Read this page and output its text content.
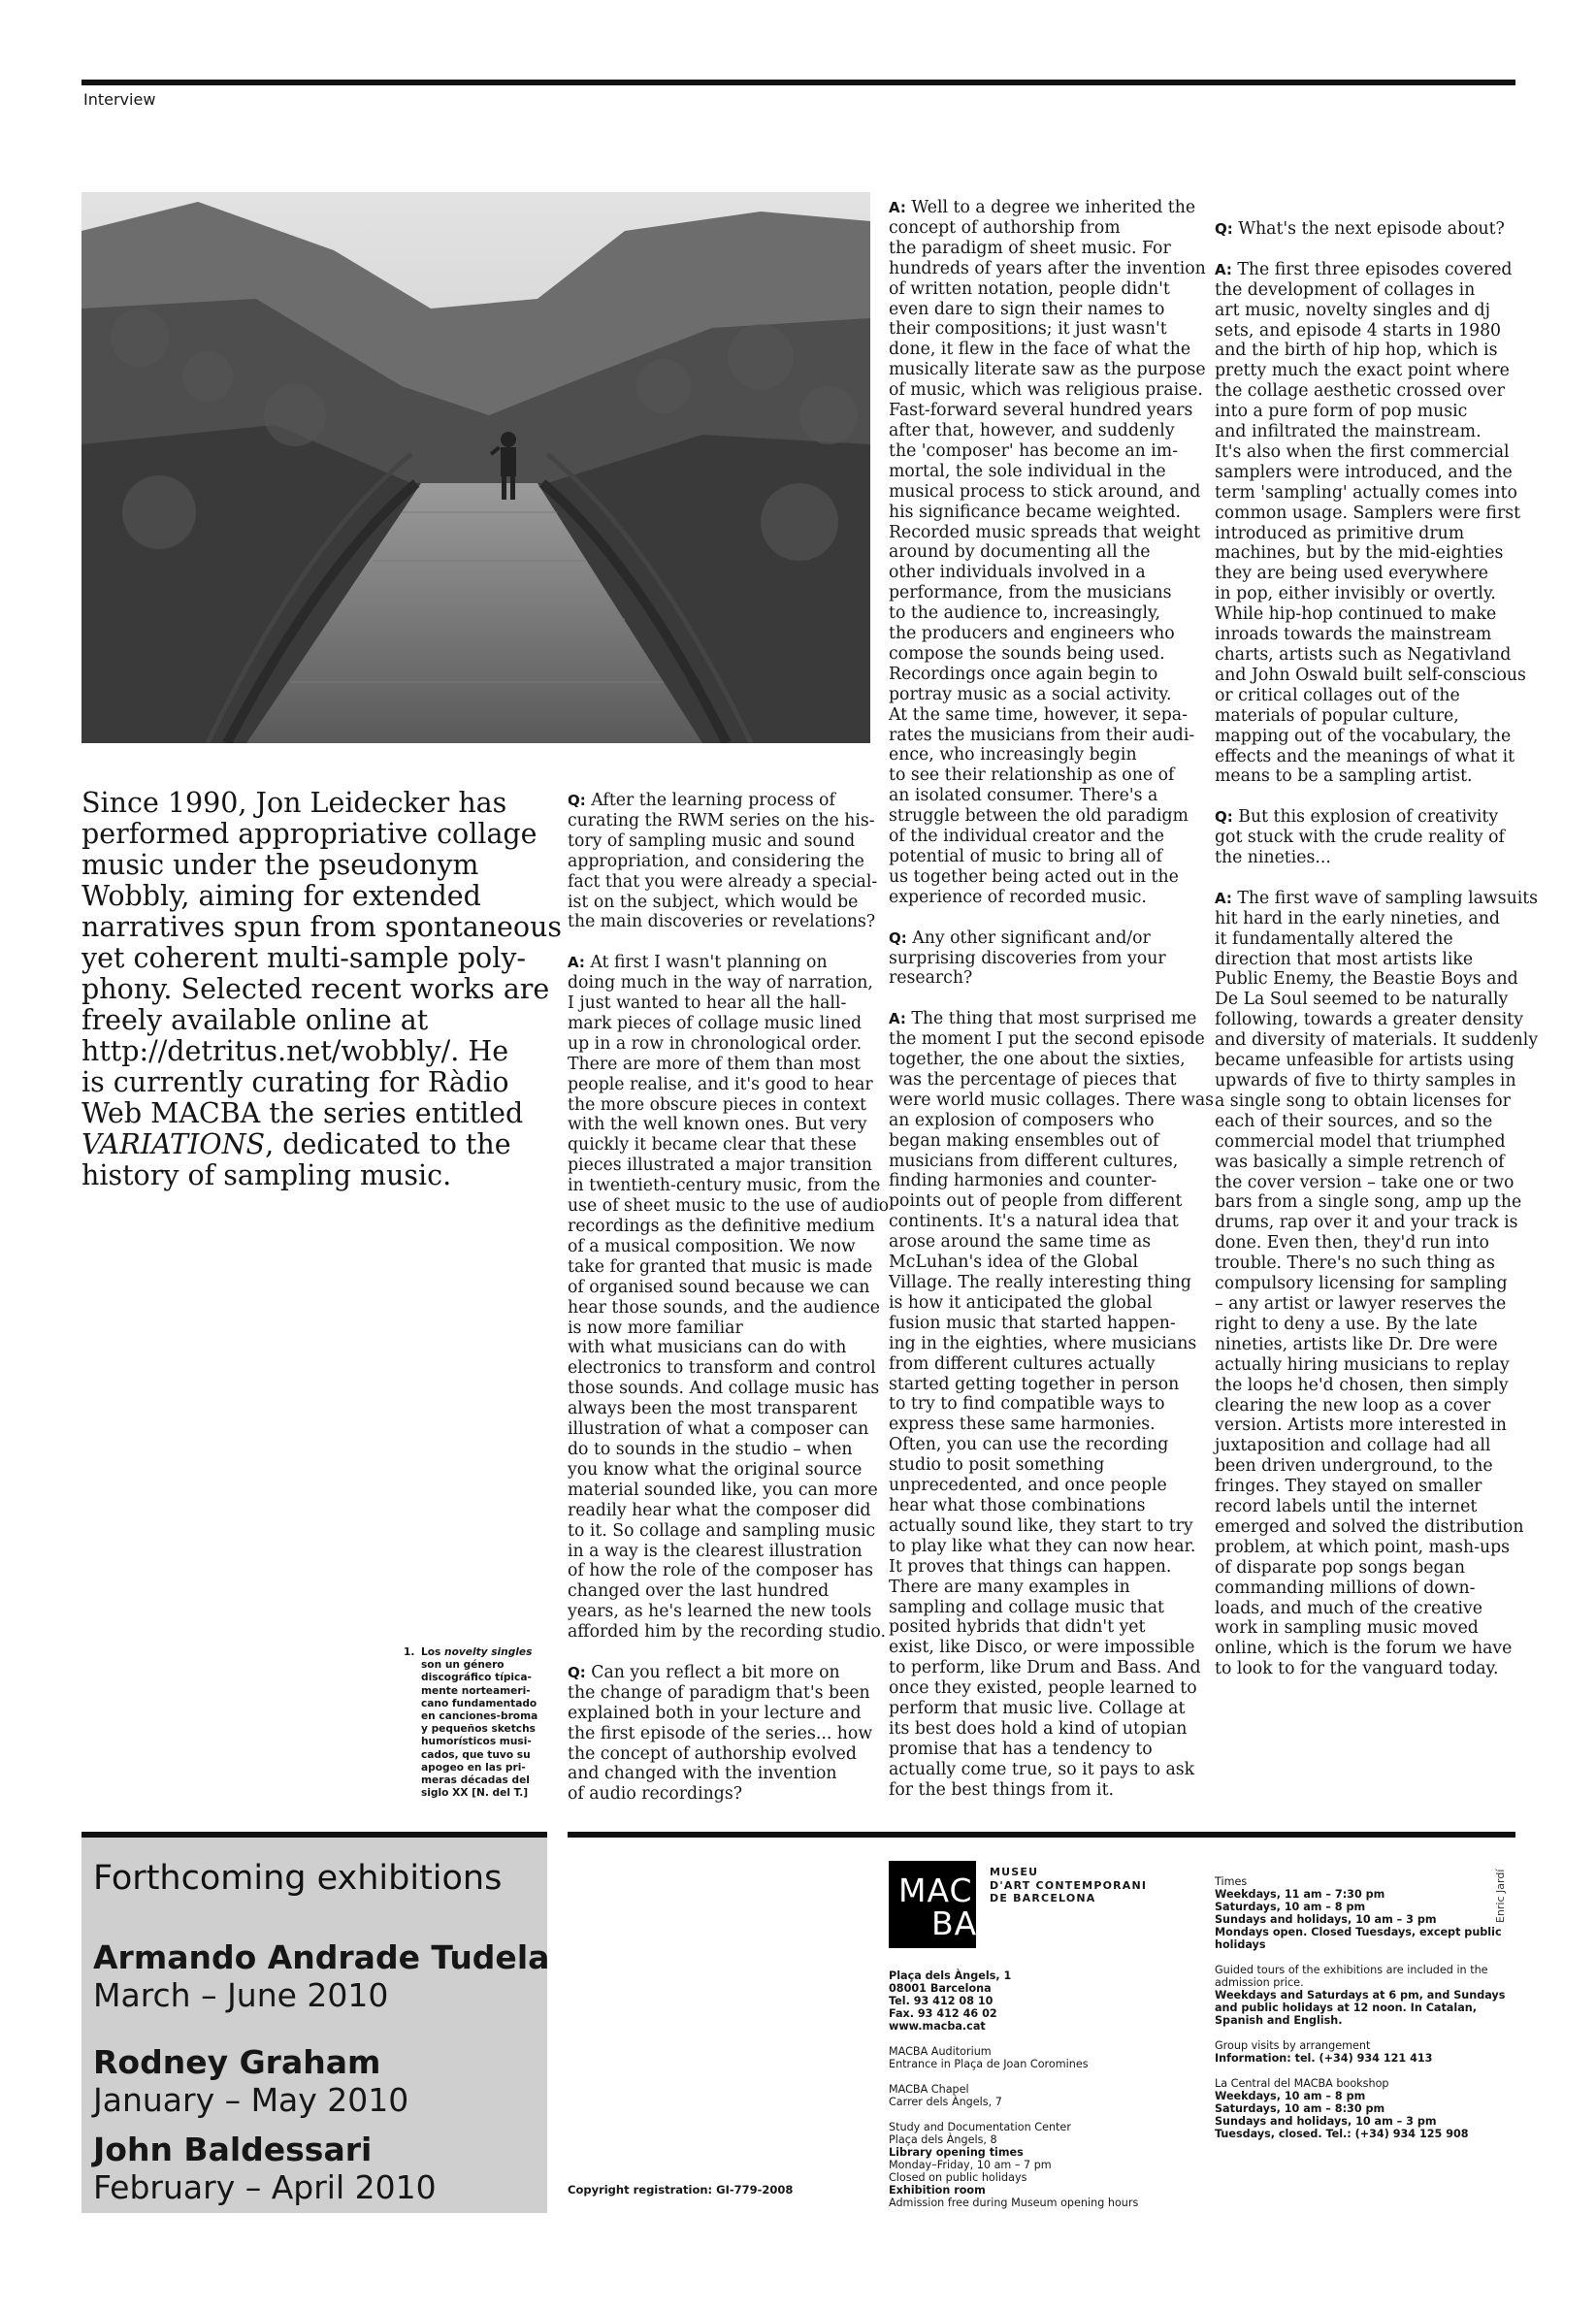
Interview

Since 1990, Jon Leidecker has
performed appropriative collage
music under the pseudonym
Wobbly, aiming for extended
narratives spun from spontaneous
yet coherent multi-sample poly-
phony. Selected recent works are
freely available online at
http://detritus.net/wobbly/. He
is currently curating for Ràdio
Web MACBA the series entitled
VARIATIONS, dedicated to the
history of sampling music.

Q: After the learning process of
curating the RWM series on the his-
tory of sampling music and sound
appropriation, and considering the
fact that you were already a special-
ist on the subject, which would be
the main discoveries or revelations?

A: At first I wasn't planning on
doing much in the way of narration,
I just wanted to hear all the hall-
mark pieces of collage music lined
up in a row in chronological order.
There are more of them than most
people realise, and it's good to hear
the more obscure pieces in context
with the well known ones. But very
quickly it became clear that these
pieces illustrated a major transition
in twentieth-century music, from the
use of sheet music to the use of audio
recordings as the definitive medium
of a musical composition. We now
take for granted that music is made
of organised sound because we can
hear those sounds, and the audience
is now more familiar
with what musicians can do with
electronics to transform and control
those sounds. And collage music has
always been the most transparent
illustration of what a composer can
do to sounds in the studio – when
you know what the original source
material sounded like, you can more
readily hear what the composer did
to it. So collage and sampling music
in a way is the clearest illustration
of how the role of the composer has
changed over the last hundred
years, as he's learned the new tools
afforded him by the recording studio.

Q: Can you reflect a bit more on
the change of paradigm that's been
explained both in your lecture and
the first episode of the series... how
the concept of authorship evolved
and changed with the invention
of audio recordings?

A: Well to a degree we inherited the
concept of authorship from
the paradigm of sheet music. For
hundreds of years after the invention
of written notation, people didn't
even dare to sign their names to
their compositions; it just wasn't
done, it flew in the face of what the
musically literate saw as the purpose
of music, which was religious praise.
Fast-forward several hundred years
after that, however, and suddenly
the 'composer' has become an im-
mortal, the sole individual in the
musical process to stick around, and
his significance became weighted.
Recorded music spreads that weight
around by documenting all the
other individuals involved in a
performance, from the musicians
to the audience to, increasingly,
the producers and engineers who
compose the sounds being used.
Recordings once again begin to
portray music as a social activity.
At the same time, however, it sepa-
rates the musicians from their audi-
ence, who increasingly begin
to see their relationship as one of
an isolated consumer. There's a
struggle between the old paradigm
of the individual creator and the
potential of music to bring all of
us together being acted out in the
experience of recorded music.

Q: Any other significant and/or
surprising discoveries from your
research?

A: The thing that most surprised me
the moment I put the second episode
together, the one about the sixties,
was the percentage of pieces that
were world music collages. There was
an explosion of composers who
began making ensembles out of
musicians from different cultures,
finding harmonies and counter-
points out of people from different
continents. It's a natural idea that
arose around the same time as
McLuhan's idea of the Global
Village. The really interesting thing
is how it anticipated the global
fusion music that started happen-
ing in the eighties, where musicians
from different cultures actually
started getting together in person
to try to find compatible ways to
express these same harmonies.
Often, you can use the recording
studio to posit something
unprecedented, and once people
hear what those combinations
actually sound like, they start to try
to play like what they can now hear.
It proves that things can happen.
There are many examples in
sampling and collage music that
posited hybrids that didn't yet
exist, like Disco, or were impossible
to perform, like Drum and Bass. And
once they existed, people learned to
perform that music live. Collage at
its best does hold a kind of utopian
promise that has a tendency to
actually come true, so it pays to ask
for the best things from it.

Q: What's the next episode about?

A: The first three episodes covered
the development of collages in
art music, novelty singles and dj
sets, and episode 4 starts in 1980
and the birth of hip hop, which is
pretty much the exact point where
the collage aesthetic crossed over
into a pure form of pop music
and infiltrated the mainstream.
It's also when the first commercial
samplers were introduced, and the
term 'sampling' actually comes into
common usage. Samplers were first
introduced as primitive drum
machines, but by the mid-eighties
they are being used everywhere
in pop, either invisibly or overtly.
While hip-hop continued to make
inroads towards the mainstream
charts, artists such as Negativland
and John Oswald built self-conscious
or critical collages out of the
materials of popular culture,
mapping out of the vocabulary, the
effects and the meanings of what it
means to be a sampling artist.

Q: But this explosion of creativity
got stuck with the crude reality of
the nineties...

A: The first wave of sampling lawsuits
hit hard in the early nineties, and
it fundamentally altered the
direction that most artists like
Public Enemy, the Beastie Boys and
De La Soul seemed to be naturally
following, towards a greater density
and diversity of materials. It suddenly
became unfeasible for artists using
upwards of five to thirty samples in
a single song to obtain licenses for
each of their sources, and so the
commercial model that triumphed
was basically a simple retrench of
the cover version – take one or two
bars from a single song, amp up the
drums, rap over it and your track is
done. Even then, they'd run into
trouble. There's no such thing as
compulsory licensing for sampling
– any artist or lawyer reserves the
right to deny a use. By the late
nineties, artists like Dr. Dre were
actually hiring musicians to replay
the loops he'd chosen, then simply
clearing the new loop as a cover
version. Artists more interested in
juxtaposition and collage had all
been driven underground, to the
fringes. They stayed on smaller
record labels until the internet
emerged and solved the distribution
problem, at which point, mash-ups
of disparate pop songs began
commanding millions of down-
loads, and much of the creative
work in sampling music moved
online, which is the forum we have
to look to for the vanguard today.

1. Los novelty singles
son un género
discográfico típica-
mente norteameri-
cano fundamentado
en canciones-broma
y pequeños sketchs
humorísticos musi-
cados, que tuvo su
apogeo en las pri-
meras décadas del
siglo XX [N. del T.]
Forthcoming exhibitions
Armando Andrade Tudela
March – June 2010
Rodney Graham
January – May 2010
John Baldessari
February – April 2010	Copyright registration: GI-779-2008
MAC
BA
MUSEU
D'ART CONTEMPORANI
DE BARCELONA
Plaça dels Àngels, 1
08001 Barcelona
Tel. 93 412 08 10
Fax. 93 412 46 02
www.macba.cat
MACBA Auditorium
Entrance in Plaça de Joan Coromines
MACBA Chapel
Carrer dels Àngels, 7
Study and Documentation Center
Plaça dels Àngels, 8
Library opening times
Monday–Friday, 10 am – 7 pm
Closed on public holidays
Exhibition room
Admission free during Museum opening hours
Times
Weekdays, 11 am – 7:30 pm
Saturdays, 10 am – 8 pm
Sundays and holidays, 10 am – 3 pm
Mondays open. Closed Tuesdays, except public
holidays
Guided tours of the exhibitions are included in the
admission price.
Weekdays and Saturdays at 6 pm, and Sundays
and public holidays at 12 noon. In Catalan,
Spanish and English.
Group visits by arrangement
Information: tel. (+34) 934 121 413
La Central del MACBA bookshop
Weekdays, 10 am – 8 pm
Saturdays, 10 am – 8:30 pm
Sundays and holidays, 10 am – 3 pm
Tuesdays, closed. Tel.: (+34) 934 125 908
Enric Jardí
